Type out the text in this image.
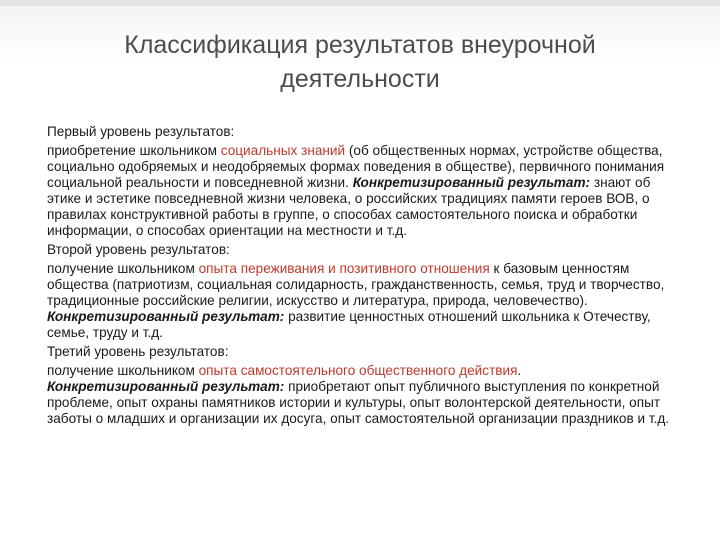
Классификация результатов внеурочной
деятельности

Первый уровень результатов:

приобретение школьником социальных знаний (об общественных нормах, устройстве общества, социально одобряемых и неодобряемых формах поведения в обществе), первичного понимания социальной реальности и повседневной жизни. Конкретизированный результат: знают об этике и эстетике повседневной жизни человека, о российских традициях памяти героев ВОВ, о правилах конструктивной работы в группе, о способах самостоятельного поиска и обработки информации, о способах ориентации на местности и т.д.

Второй уровень результатов:

получение школьником опыта переживания и позитивного отношения к базовым ценностям общества (патриотизм, социальная солидарность, гражданственность, семья, труд и творчество, традиционные российские религии, искусство и литература, природа, человечество).

Конкретизированный результат: развитие ценностных отношений школьника к Отечеству, семье, труду и т.д.

Третий уровень результатов:

получение школьником опыта самостоятельного общественного действия.

Конкретизированный результат: приобретают опыт публичного выступления по конкретной проблеме, опыт охраны памятников истории и культуры, опыт волонтерской деятельности, опыт заботы о младших и организации их досуга, опыт самостоятельной организации праздников и т.д.
